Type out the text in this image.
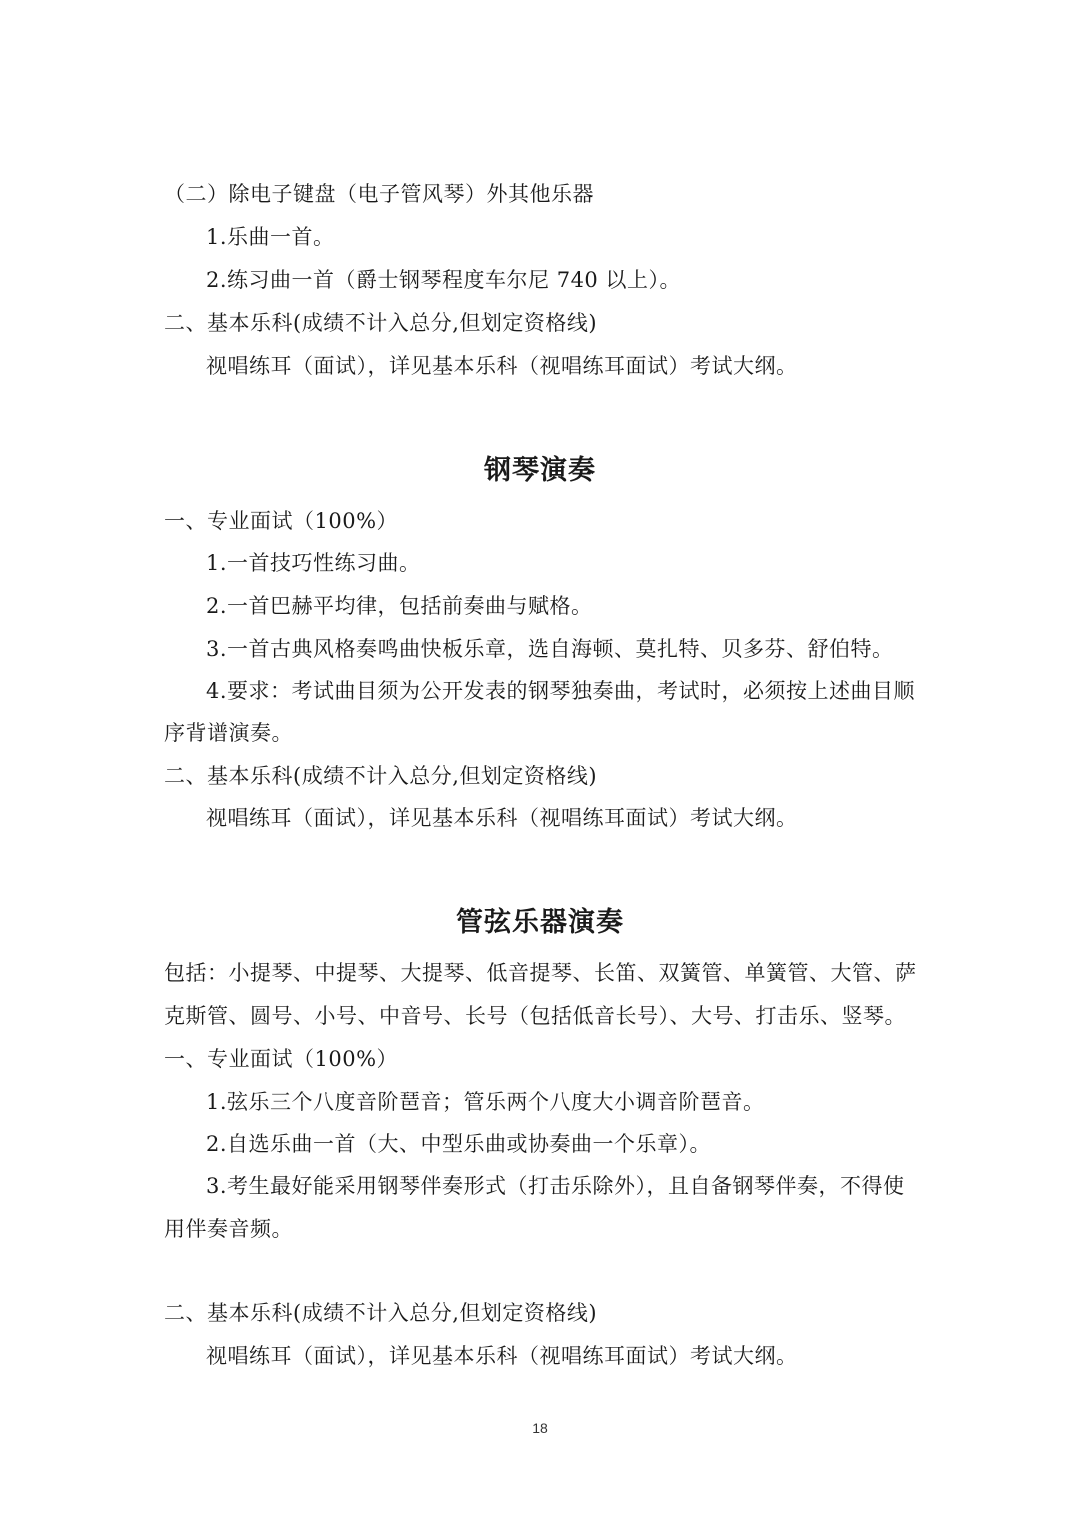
（二）除电子键盘（电子管风琴）外其他乐器
1.乐曲一首。
2.练习曲一首（爵士钢琴程度车尔尼 740 以上）。
二、基本乐科(成绩不计入总分,但划定资格线)
视唱练耳（面试），详见基本乐科（视唱练耳面试）考试大纲。
钢琴演奏
一、专业面试（100%）
1.一首技巧性练习曲。
2.一首巴赫平均律，包括前奏曲与赋格。
3.一首古典风格奏鸣曲快板乐章，选自海顿、莫扎特、贝多芬、舒伯特。
4.要求：考试曲目须为公开发表的钢琴独奏曲，考试时，必须按上述曲目顺
序背谱演奏。
二、基本乐科(成绩不计入总分,但划定资格线)
视唱练耳（面试），详见基本乐科（视唱练耳面试）考试大纲。
管弦乐器演奏
包括：小提琴、中提琴、大提琴、低音提琴、长笛、双簧管、单簧管、大管、萨
克斯管、圆号、小号、中音号、长号（包括低音长号）、大号、打击乐、竖琴。
一、专业面试（100%）
1.弦乐三个八度音阶琶音；管乐两个八度大小调音阶琶音。
2.自选乐曲一首（大、中型乐曲或协奏曲一个乐章）。
3.考生最好能采用钢琴伴奏形式（打击乐除外），且自备钢琴伴奏，不得使
用伴奏音频。
二、基本乐科(成绩不计入总分,但划定资格线)
视唱练耳（面试），详见基本乐科（视唱练耳面试）考试大纲。
18
